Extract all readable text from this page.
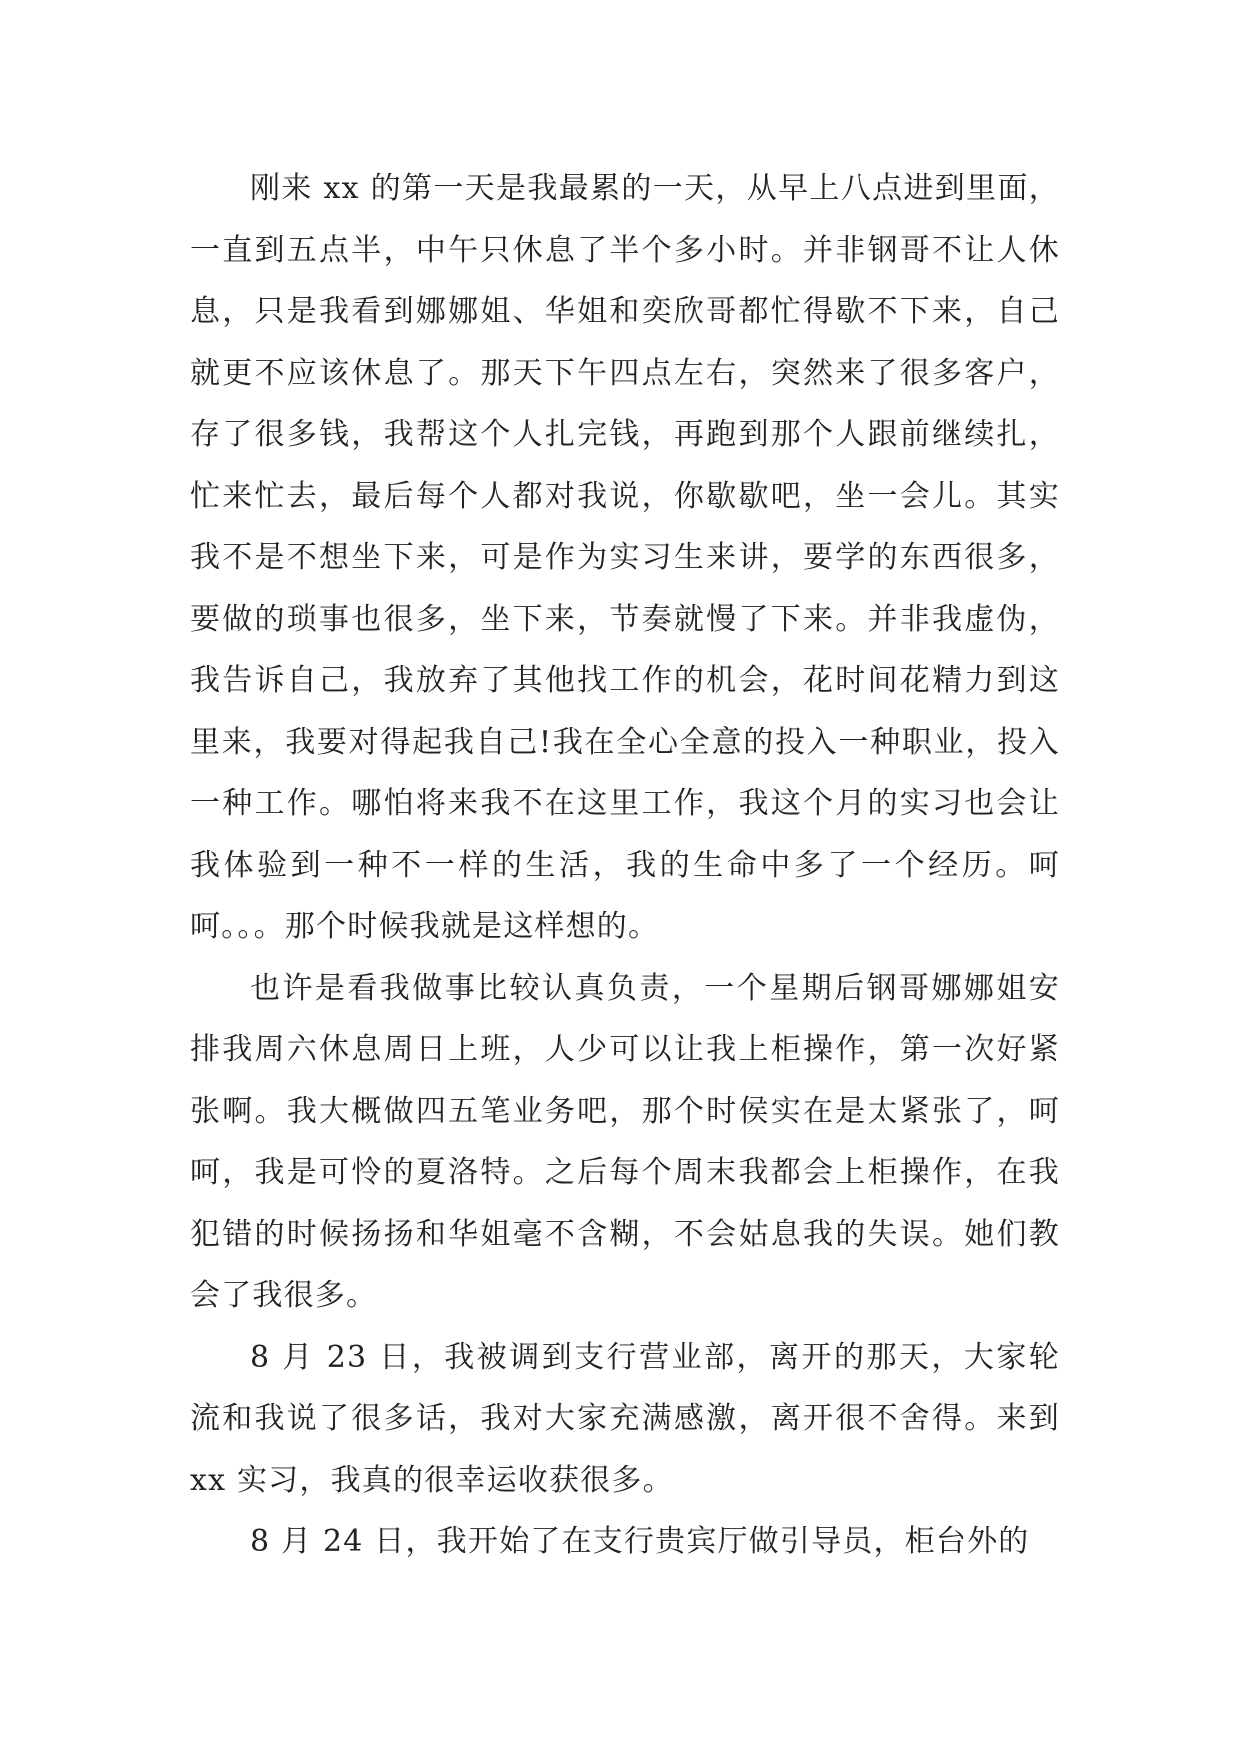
刚来 xx 的第一天是我最累的一天，从早上八点进到里面，一直到五点半，中午只休息了半个多小时。并非钢哥不让人休息，只是我看到娜娜姐、华姐和奕欣哥都忙得歇不下来，自己就更不应该休息了。那天下午四点左右，突然来了很多客户，存了很多钱，我帮这个人扎完钱，再跑到那个人跟前继续扎，忙来忙去，最后每个人都对我说，你歇歇吧，坐一会儿。其实我不是不想坐下来，可是作为实习生来讲，要学的东西很多，要做的琐事也很多，坐下来，节奏就慢了下来。并非我虚伪，我告诉自己，我放弃了其他找工作的机会，花时间花精力到这里来，我要对得起我自己!我在全心全意的投入一种职业，投入一种工作。哪怕将来我不在这里工作，我这个月的实习也会让我体验到一种不一样的生活，我的生命中多了一个经历。呵呵。。。那个时候我就是这样想的。

也许是看我做事比较认真负责，一个星期后钢哥娜娜姐安排我周六休息周日上班，人少可以让我上柜操作，第一次好紧张啊。我大概做四五笔业务吧，那个时侯实在是太紧张了，呵呵，我是可怜的夏洛特。之后每个周末我都会上柜操作，在我犯错的时候扬扬和华姐毫不含糊，不会姑息我的失误。她们教会了我很多。

8 月 23 日，我被调到支行营业部，离开的那天，大家轮流和我说了很多话，我对大家充满感激，离开很不舍得。来到 xx 实习，我真的很幸运收获很多。

8 月 24 日，我开始了在支行贵宾厅做引导员，柜台外的
